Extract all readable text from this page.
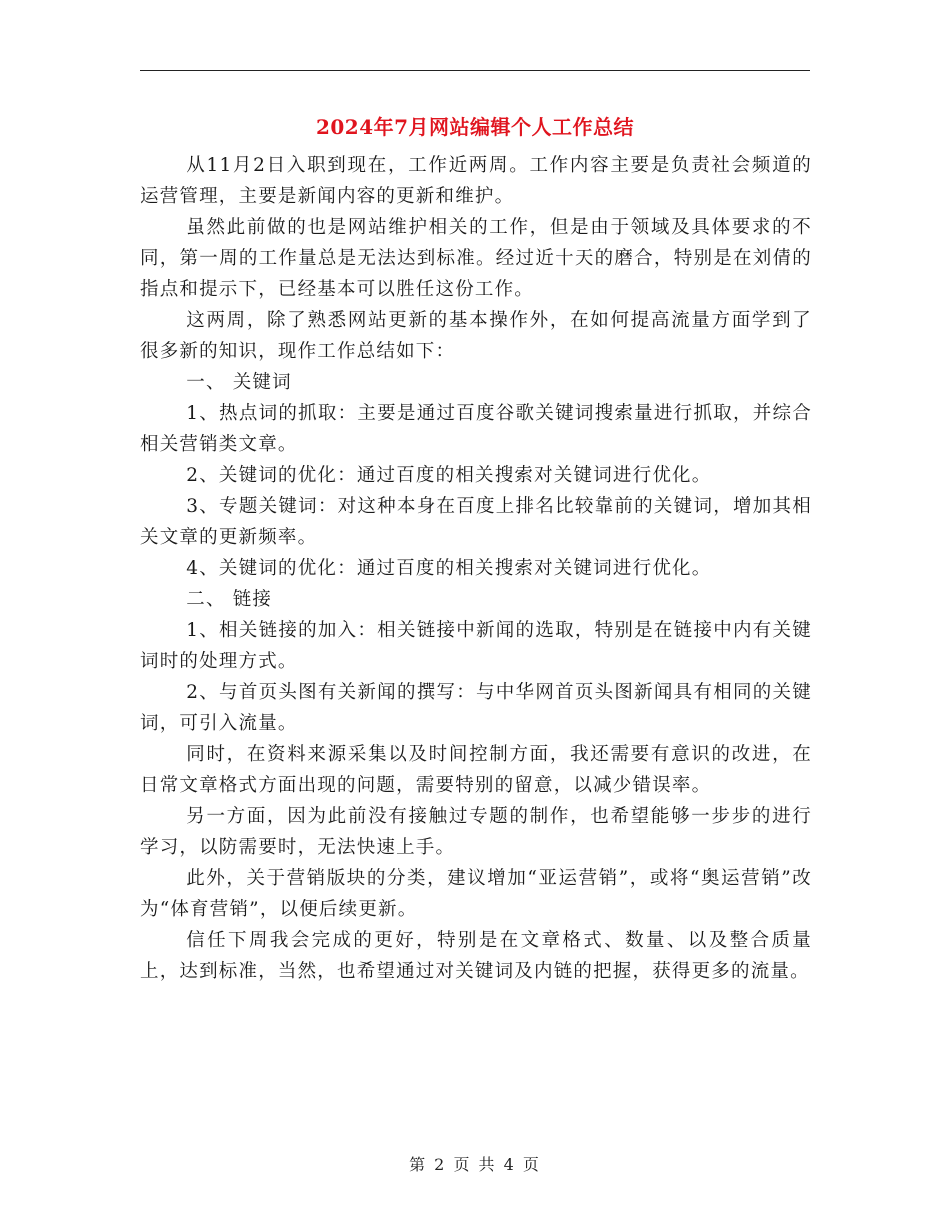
2024年7月网站编辑个人工作总结

从11月2日入职到现在，工作近两周。工作内容主要是负责社会频道的运营管理，主要是新闻内容的更新和维护。

虽然此前做的也是网站维护相关的工作，但是由于领域及具体要求的不同，第一周的工作量总是无法达到标准。经过近十天的磨合，特别是在刘倩的指点和提示下，已经基本可以胜任这份工作。

这两周，除了熟悉网站更新的基本操作外，在如何提高流量方面学到了很多新的知识，现作工作总结如下：

一、 关键词

1、热点词的抓取：主要是通过百度谷歌关键词搜索量进行抓取，并综合相关营销类文章。

2、关键词的优化：通过百度的相关搜索对关键词进行优化。

3、专题关键词：对这种本身在百度上排名比较靠前的关键词，增加其相关文章的更新频率。

4、关键词的优化：通过百度的相关搜索对关键词进行优化。

二、 链接

1、相关链接的加入：相关链接中新闻的选取，特别是在链接中内有关键词时的处理方式。

2、与首页头图有关新闻的撰写：与中华网首页头图新闻具有相同的关键词，可引入流量。

同时，在资料来源采集以及时间控制方面，我还需要有意识的改进，在日常文章格式方面出现的问题，需要特别的留意，以减少错误率。

另一方面，因为此前没有接触过专题的制作，也希望能够一步步的进行学习，以防需要时，无法快速上手。

此外，关于营销版块的分类，建议增加“亚运营销”，或将“奥运营销”改为“体育营销”，以便后续更新。

信任下周我会完成的更好，特别是在文章格式、数量、以及整合质量上，达到标准，当然，也希望通过对关键词及内链的把握，获得更多的流量。

第 2 页 共 4 页
